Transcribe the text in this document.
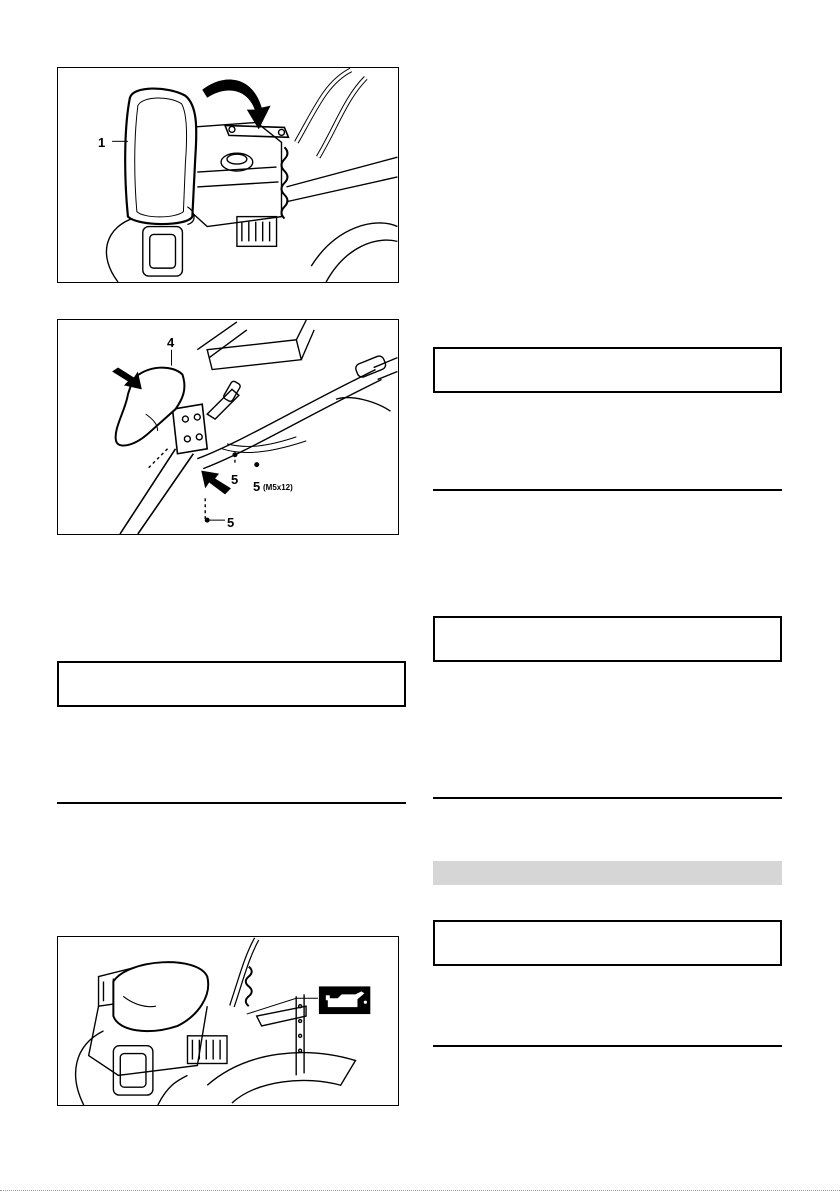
1
4
5 5 (M5x12)
5
